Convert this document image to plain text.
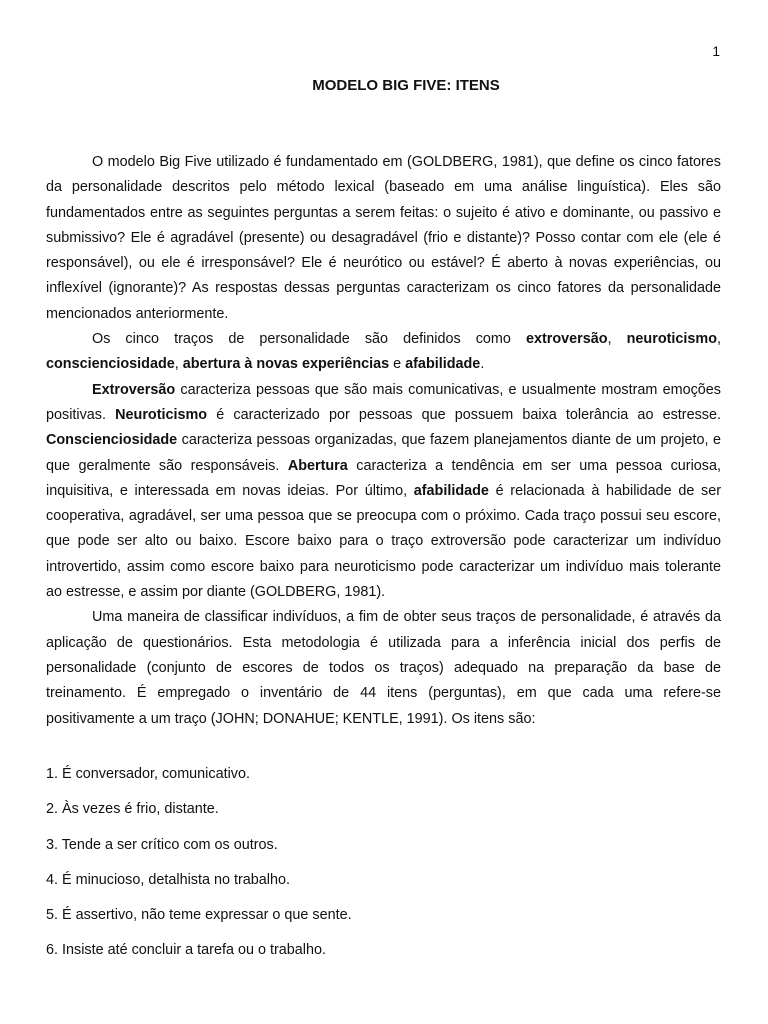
1
MODELO BIG FIVE: ITENS

O modelo Big Five utilizado é fundamentado em (GOLDBERG, 1981), que define os cinco fatores da personalidade descritos pelo método lexical (baseado em uma análise linguística). Eles são fundamentados entre as seguintes perguntas a serem feitas: o sujeito é ativo e dominante, ou passivo e submissivo? Ele é agradável (presente) ou desagradável (frio e distante)? Posso contar com ele (ele é responsável), ou ele é irresponsável? Ele é neurótico ou estável? É aberto à novas experiências, ou inflexível (ignorante)? As respostas dessas perguntas caracterizam os cinco fatores da personalidade mencionados anteriormente.

Os cinco traços de personalidade são definidos como extroversão, neuroticismo, conscienciosidade, abertura à novas experiências e afabilidade.

Extroversão caracteriza pessoas que são mais comunicativas, e usualmente mostram emoções positivas. Neuroticismo é caracterizado por pessoas que possuem baixa tolerância ao estresse. Conscienciosidade caracteriza pessoas organizadas, que fazem planejamentos diante de um projeto, e que geralmente são responsáveis. Abertura caracteriza a tendência em ser uma pessoa curiosa, inquisitiva, e interessada em novas ideias. Por último, afabilidade é relacionada à habilidade de ser cooperativa, agradável, ser uma pessoa que se preocupa com o próximo. Cada traço possui seu escore, que pode ser alto ou baixo. Escore baixo para o traço extroversão pode caracterizar um indivíduo introvertido, assim como escore baixo para neuroticismo pode caracterizar um indivíduo mais tolerante ao estresse, e assim por diante (GOLDBERG, 1981).

Uma maneira de classificar indivíduos, a fim de obter seus traços de personalidade, é através da aplicação de questionários. Esta metodologia é utilizada para a inferência inicial dos perfis de personalidade (conjunto de escores de todos os traços) adequado na preparação da base de treinamento. É empregado o inventário de 44 itens (perguntas), em que cada uma refere-se positivamente a um traço (JOHN; DONAHUE; KENTLE, 1991). Os itens são:

1. É conversador, comunicativo.
2. Às vezes é frio, distante.
3. Tende a ser crítico com os outros.
4. É minucioso, detalhista no trabalho.
5. É assertivo, não teme expressar o que sente.
6. Insiste até concluir a tarefa ou o trabalho.
